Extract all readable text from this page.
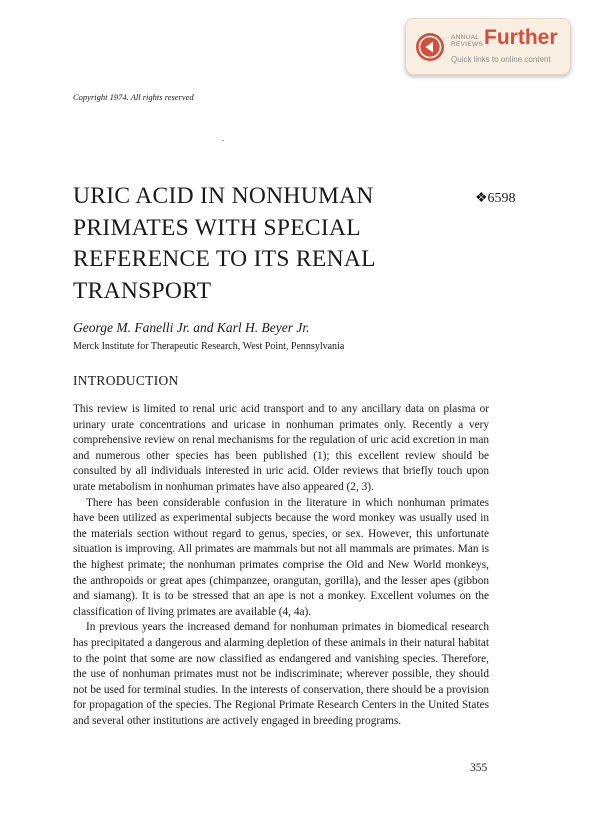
ANNUAL
REVIEWS Further
Quick links to online content
Copyright 1974. All rights reserved
URIC ACID IN NONHUMAN PRIMATES WITH SPECIAL REFERENCE TO ITS RENAL TRANSPORT
❖6598
George M. Fanelli Jr. and Karl H. Beyer Jr.
Merck Institute for Therapeutic Research, West Point, Pennsylvania
INTRODUCTION

This review is limited to renal uric acid transport and to any ancillary data on plasma or urinary urate concentrations and uricase in nonhuman primates only. Recently a very comprehensive review on renal mechanisms for the regulation of uric acid excretion in man and numerous other species has been published (1); this excellent review should be consulted by all individuals interested in uric acid. Older reviews that briefly touch upon urate metabolism in nonhuman primates have also appeared (2, 3).

There has been considerable confusion in the literature in which nonhuman primates have been utilized as experimental subjects because the word monkey was usually used in the materials section without regard to genus, species, or sex. However, this unfortunate situation is improving. All primates are mammals but not all mammals are primates. Man is the highest primate; the nonhuman primates comprise the Old and New World monkeys, the anthropoids or great apes (chimpanzee, orangutan, gorilla), and the lesser apes (gibbon and siamang). It is to be stressed that an ape is not a monkey. Excellent volumes on the classification of living primates are available (4, 4a).

In previous years the increased demand for nonhuman primates in biomedical research has precipitated a dangerous and alarming depletion of these animals in their natural habitat to the point that some are now classified as endangered and vanishing species. Therefore, the use of nonhuman primates must not be indiscriminate; wherever possible, they should not be used for terminal studies. In the interests of conservation, there should be a provision for propagation of the species. The Regional Primate Research Centers in the United States and several other institutions are actively engaged in breeding programs.

355
